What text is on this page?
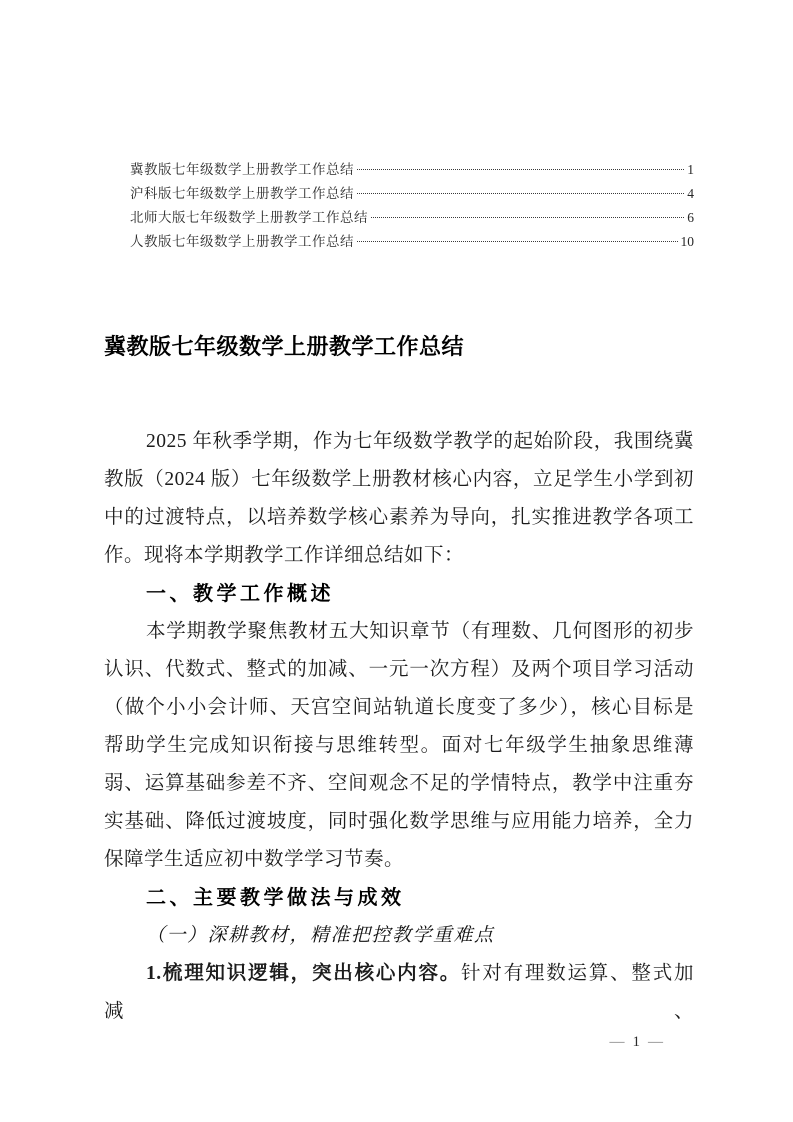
冀教版七年级数学上册教学工作总结	1
沪科版七年级数学上册教学工作总结	4
北师大版七年级数学上册教学工作总结	6
人教版七年级数学上册教学工作总结	10
冀教版七年级数学上册教学工作总结

2025 年秋季学期，作为七年级数学教学的起始阶段，我围绕冀教版（2024 版）七年级数学上册教材核心内容，立足学生小学到初中的过渡特点，以培养数学核心素养为导向，扎实推进教学各项工作。现将本学期教学工作详细总结如下：

一、教学工作概述

本学期教学聚焦教材五大知识章节（有理数、几何图形的初步认识、代数式、整式的加减、一元一次方程）及两个项目学习活动（做个小小会计师、天宫空间站轨道长度变了多少），核心目标是帮助学生完成知识衔接与思维转型。面对七年级学生抽象思维薄弱、运算基础参差不齐、空间观念不足的学情特点，教学中注重夯实基础、降低过渡坡度，同时强化数学思维与应用能力培养，全力保障学生适应初中数学学习节奏。

二、主要教学做法与成效

（一）深耕教材，精准把控教学重难点

1.梳理知识逻辑，突出核心内容。针对有理数运算、整式加减、

— 1 —
